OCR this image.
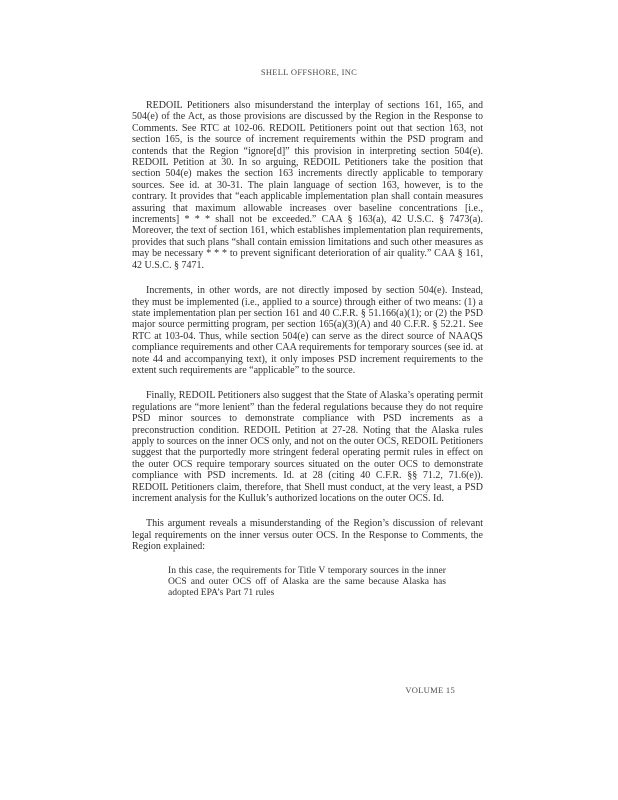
SHELL OFFSHORE, INC

REDOIL Petitioners also misunderstand the interplay of sections 161, 165, and 504(e) of the Act, as those provisions are discussed by the Region in the Response to Comments. See RTC at 102-06. REDOIL Petitioners point out that section 163, not section 165, is the source of increment requirements within the PSD program and contends that the Region “ignore[d]” this provision in interpreting section 504(e). REDOIL Petition at 30. In so arguing, REDOIL Petitioners take the position that section 504(e) makes the section 163 increments directly applicable to temporary sources. See id. at 30-31. The plain language of section 163, however, is to the contrary. It provides that “each applicable implementation plan shall contain measures assuring that maximum allowable increases over baseline concentrations [i.e., increments] * * * shall not be exceeded.” CAA § 163(a), 42 U.S.C. § 7473(a). Moreover, the text of section 161, which establishes implementation plan requirements, provides that such plans “shall contain emission limitations and such other measures as may be necessary * * * to prevent significant deterioration of air quality.” CAA § 161, 42 U.S.C. § 7471.

Increments, in other words, are not directly imposed by section 504(e). Instead, they must be implemented (i.e., applied to a source) through either of two means: (1) a state implementation plan per section 161 and 40 C.F.R. § 51.166(a)(1); or (2) the PSD major source permitting program, per section 165(a)(3)(A) and 40 C.F.R. § 52.21. See RTC at 103-04. Thus, while section 504(e) can serve as the direct source of NAAQS compliance requirements and other CAA requirements for temporary sources (see id. at note 44 and accompanying text), it only imposes PSD increment requirements to the extent such requirements are “applicable” to the source.

Finally, REDOIL Petitioners also suggest that the State of Alaska’s operating permit regulations are “more lenient” than the federal regulations because they do not require PSD minor sources to demonstrate compliance with PSD increments as a preconstruction condition. REDOIL Petition at 27-28. Noting that the Alaska rules apply to sources on the inner OCS only, and not on the outer OCS, REDOIL Petitioners suggest that the purportedly more stringent federal operating permit rules in effect on the outer OCS require temporary sources situated on the outer OCS to demonstrate compliance with PSD increments. Id. at 28 (citing 40 C.F.R. §§ 71.2, 71.6(e)). REDOIL Petitioners claim, therefore, that Shell must conduct, at the very least, a PSD increment analysis for the Kulluk’s authorized locations on the outer OCS. Id.

This argument reveals a misunderstanding of the Region’s discussion of relevant legal requirements on the inner versus outer OCS. In the Response to Comments, the Region explained:

In this case, the requirements for Title V temporary sources in the inner OCS and outer OCS off of Alaska are the same because Alaska has adopted EPA’s Part 71 rules
VOLUME 15
